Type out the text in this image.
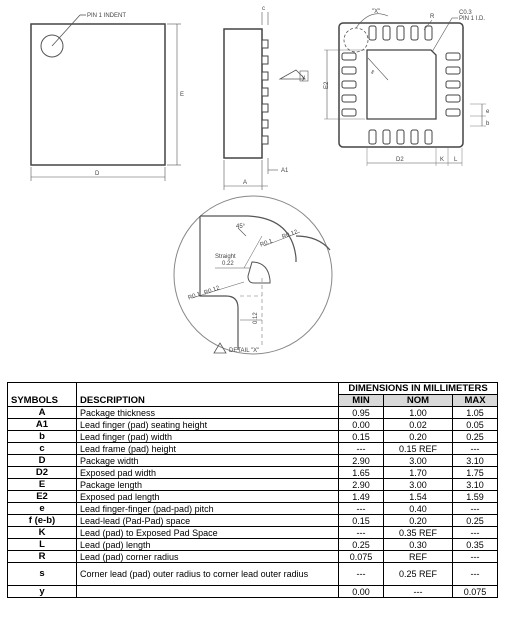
PIN 1 INDENT
E
D
c
y
A
A1
"X"
R
C0.3
PIN 1 I.D.
s
E2
D2	K L
e
b
45°
R0.1
R0.12
Straight
0.22
R0.1
R0.12
0.12
DETAIL "X"
SYMBOLS	DESCRIPTION	DIMENSIONS IN MILLIMETERS		
		MIN	NOM	MAX
A	Package thickness	0.95	1.00	1.05
A1	Lead finger (pad) seating height	0.00	0.02	0.05
b	Lead finger (pad) width	0.15	0.20	0.25
c	Lead frame (pad) height	---	0.15 REF	---
D	Package width	2.90	3.00	3.10
D2	Exposed pad width	1.65	1.70	1.75
E	Package length	2.90	3.00	3.10
E2	Exposed pad length	1.49	1.54	1.59
e	Lead finger-finger (pad-pad) pitch	---	0.40	---
f (e-b)	Lead-lead (Pad-Pad) space	0.15	0.20	0.25
K	Lead (pad) to Exposed Pad Space	---	0.35 REF	---
L	Lead (pad) length	0.25	0.30	0.35
R	Lead (pad) corner radius	0.075	REF	---
s	Corner lead (pad) outer radius to corner lead outer radius	---	0.25 REF	---
y		0.00	---	0.075
